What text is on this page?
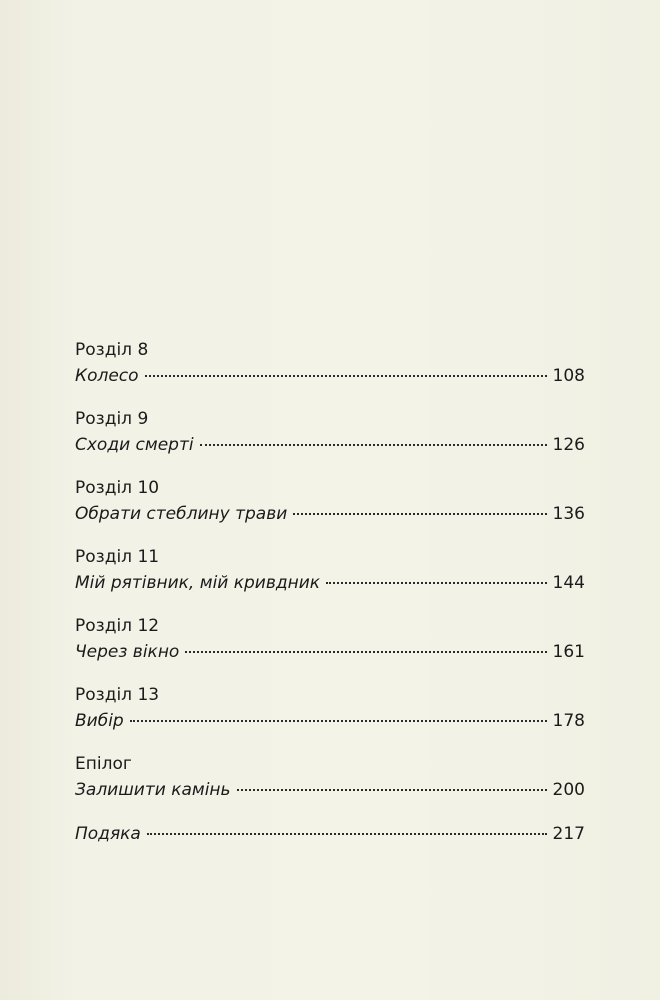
Розділ 8
Колесо	108
Розділ 9
Сходи смерті	126
Розділ 10
Обрати стеблину трави	136
Розділ 11
Мій рятівник, мій кривдник	144
Розділ 12
Через вікно	161
Розділ 13
Вибір	178
Епілог
Залишити камінь	200
Подяка	217
